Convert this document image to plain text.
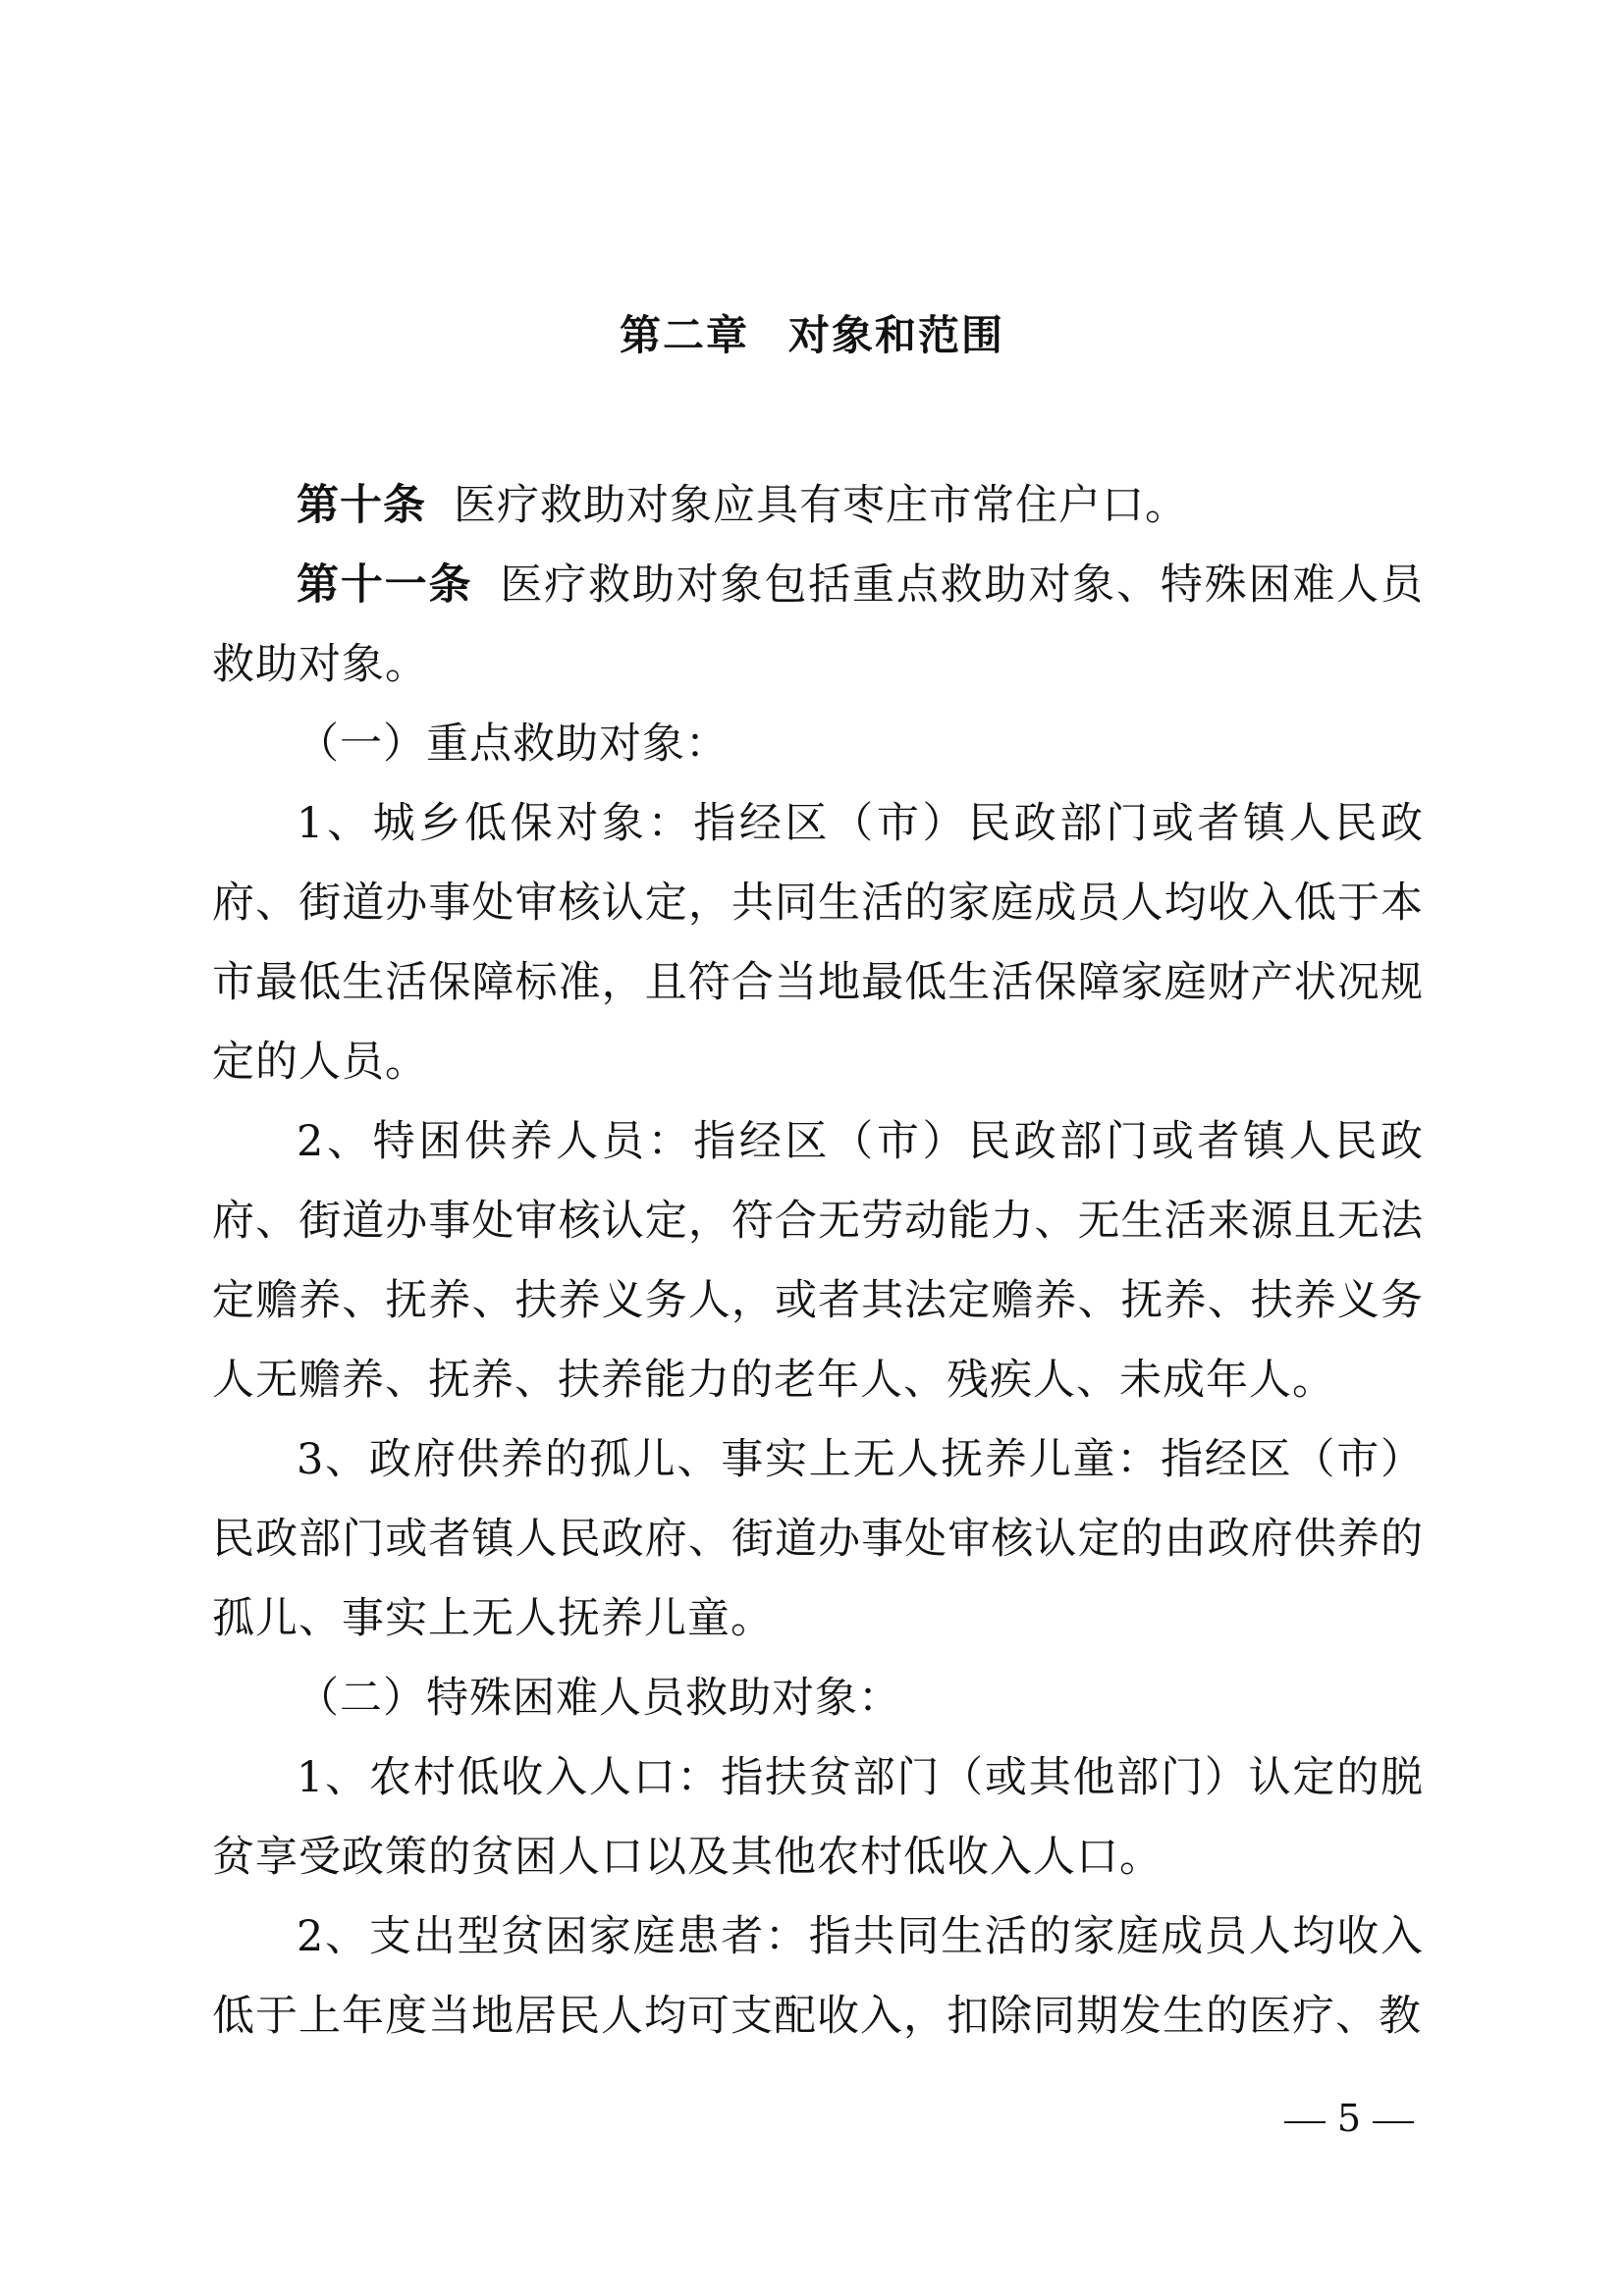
第二章 对象和范围

第十条 医疗救助对象应具有枣庄市常住户口。

第十一条 医疗救助对象包括重点救助对象、特殊困难人员救助对象。

（一）重点救助对象：

1、城乡低保对象：指经区（市）民政部门或者镇人民政府、街道办事处审核认定，共同生活的家庭成员人均收入低于本市最低生活保障标准，且符合当地最低生活保障家庭财产状况规定的人员。

2、特困供养人员：指经区（市）民政部门或者镇人民政府、街道办事处审核认定，符合无劳动能力、无生活来源且无法定赡养、抚养、扶养义务人，或者其法定赡养、抚养、扶养义务人无赡养、抚养、扶养能力的老年人、残疾人、未成年人。

3、政府供养的孤儿、事实上无人抚养儿童：指经区（市）民政部门或者镇人民政府、街道办事处审核认定的由政府供养的孤儿、事实上无人抚养儿童。

（二）特殊困难人员救助对象：

1、农村低收入人口：指扶贫部门（或其他部门）认定的脱贫享受政策的贫困人口以及其他农村低收入人口。

2、支出型贫困家庭患者：指共同生活的家庭成员人均收入低于上年度当地居民人均可支配收入，扣除同期发生的医疗、教

5
